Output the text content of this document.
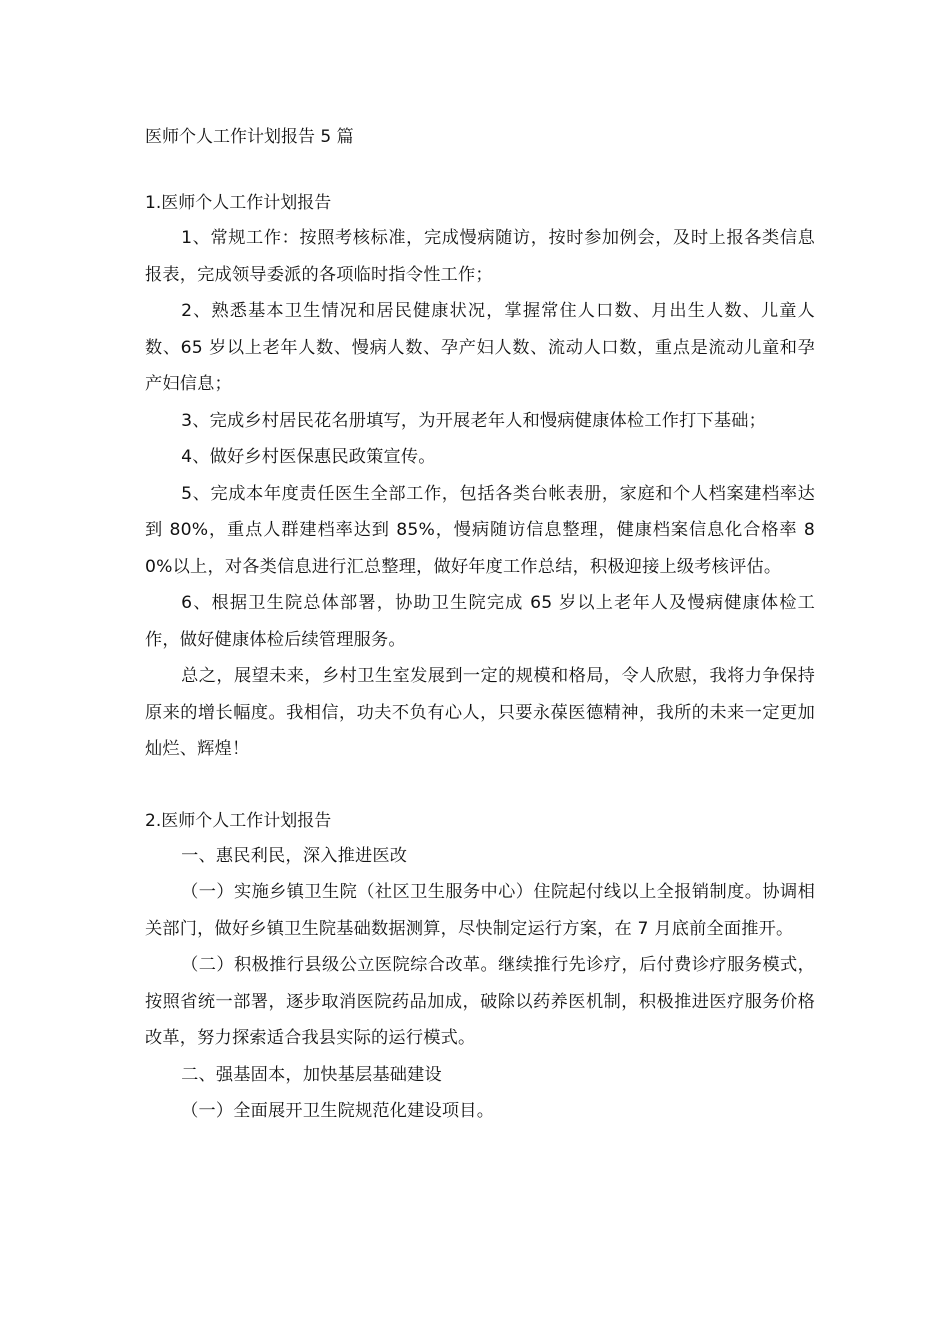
医师个人工作计划报告 5 篇
1.医师个人工作计划报告

1、常规工作：按照考核标准，完成慢病随访，按时参加例会，及时上报各类信息报表，完成领导委派的各项临时指令性工作；

2、熟悉基本卫生情况和居民健康状况，掌握常住人口数、月出生人数、儿童人数、65 岁以上老年人数、慢病人数、孕产妇人数、流动人口数，重点是流动儿童和孕产妇信息；

3、完成乡村居民花名册填写，为开展老年人和慢病健康体检工作打下基础；

4、做好乡村医保惠民政策宣传。

5、完成本年度责任医生全部工作，包括各类台帐表册，家庭和个人档案建档率达到 80%，重点人群建档率达到 85%，慢病随访信息整理，健康档案信息化合格率 80%以上，对各类信息进行汇总整理，做好年度工作总结，积极迎接上级考核评估。

6、根据卫生院总体部署，协助卫生院完成 65 岁以上老年人及慢病健康体检工作，做好健康体检后续管理服务。

总之，展望未来，乡村卫生室发展到一定的规模和格局，令人欣慰，我将力争保持原来的增长幅度。我相信，功夫不负有心人，只要永葆医德精神，我所的未来一定更加灿烂、辉煌！

2.医师个人工作计划报告

一、惠民利民，深入推进医改

（一）实施乡镇卫生院（社区卫生服务中心）住院起付线以上全报销制度。协调相关部门，做好乡镇卫生院基础数据测算，尽快制定运行方案，在 7 月底前全面推开。

（二）积极推行县级公立医院综合改革。继续推行先诊疗，后付费诊疗服务模式，按照省统一部署，逐步取消医院药品加成，破除以药养医机制，积极推进医疗服务价格改革，努力探索适合我县实际的运行模式。

二、强基固本，加快基层基础建设

（一）全面展开卫生院规范化建设项目。
